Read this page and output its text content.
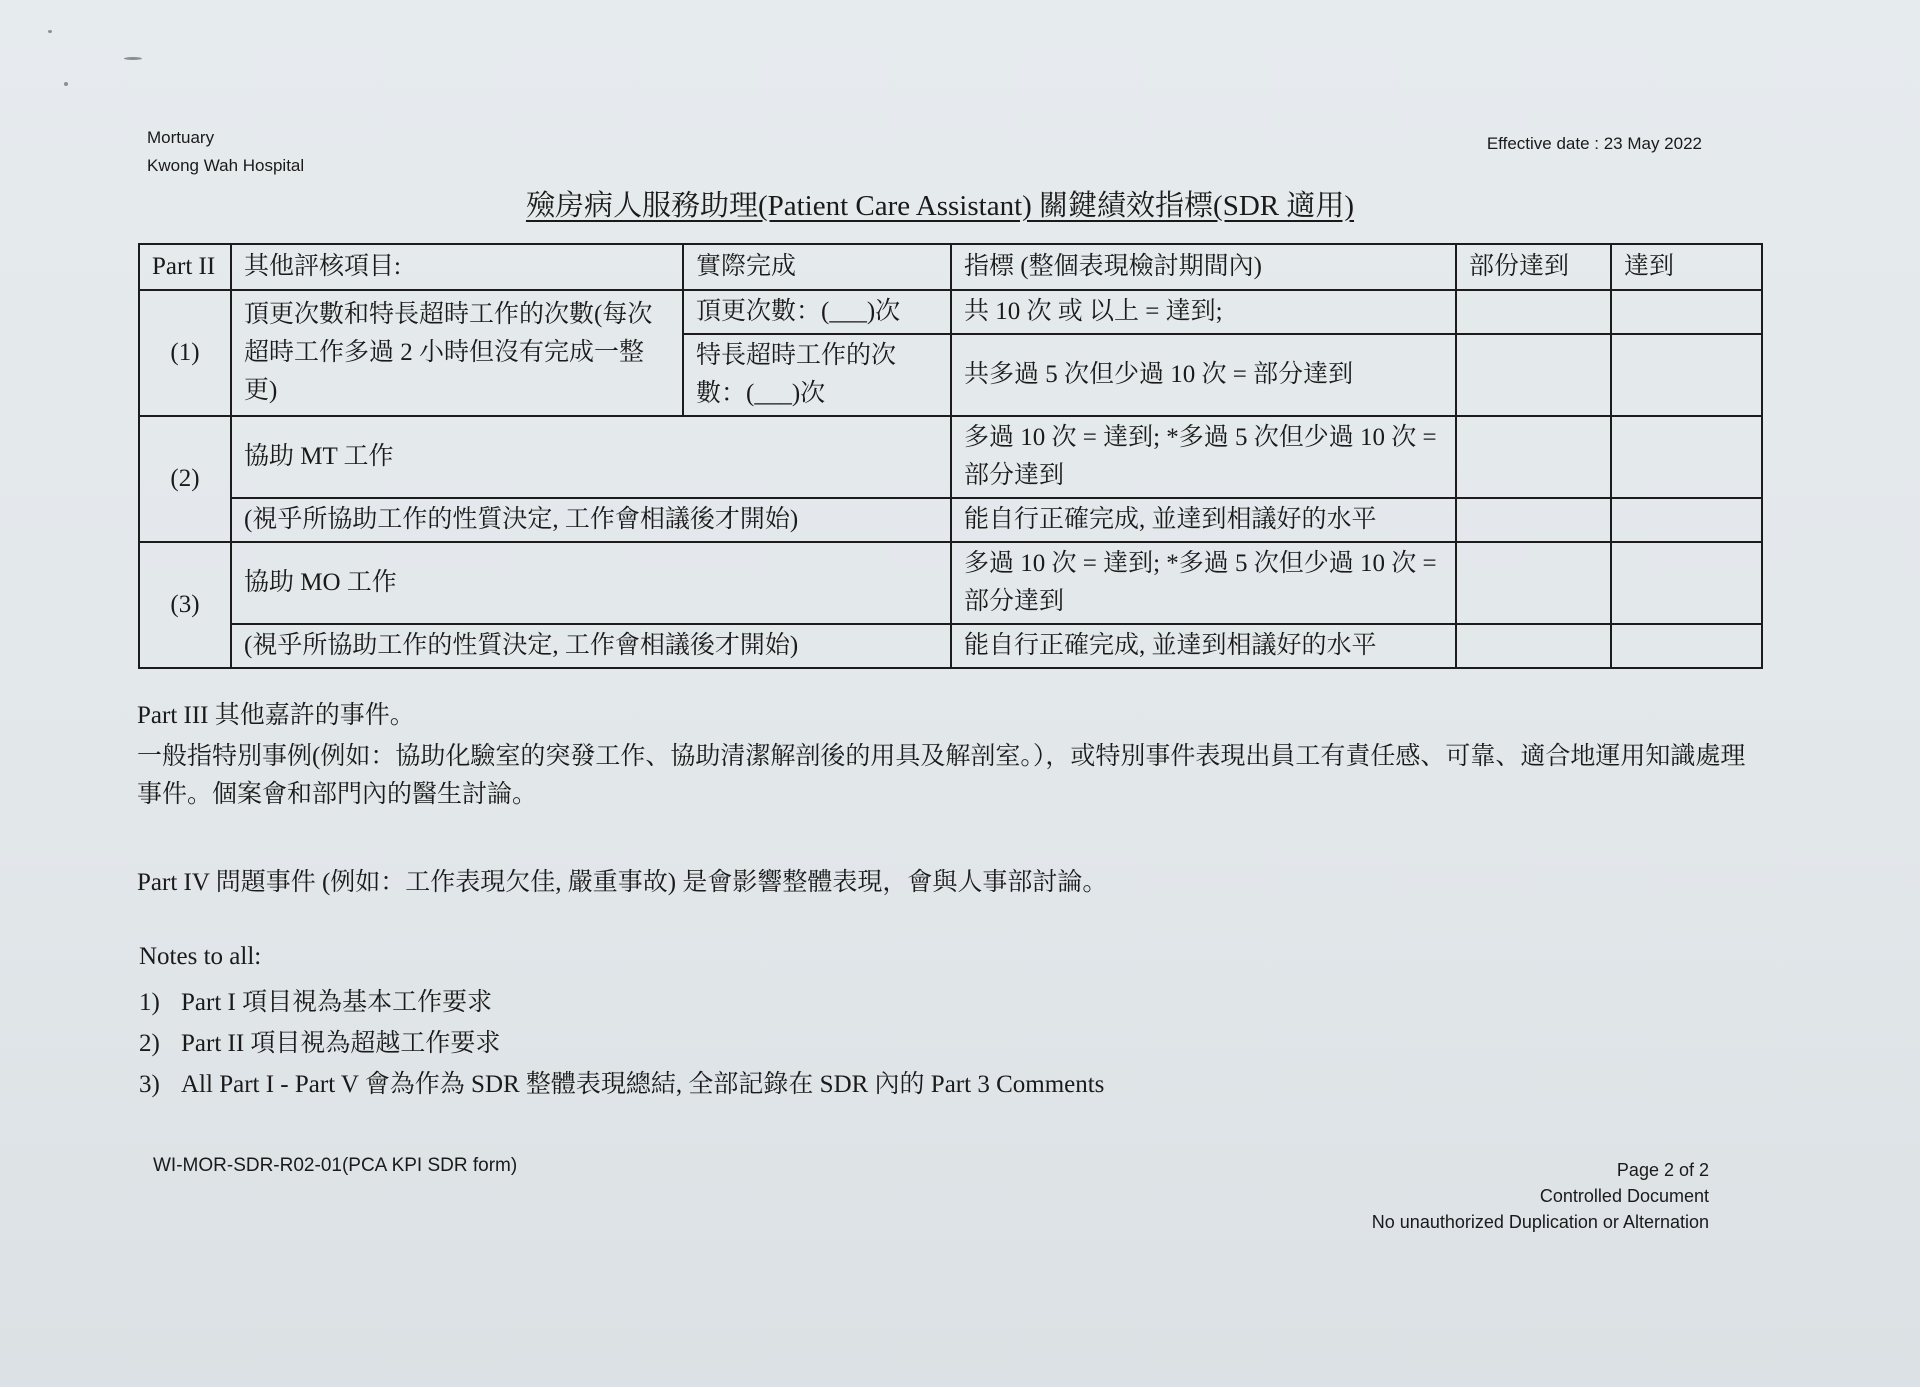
Mortuary
Kwong Wah Hospital
Effective date : 23 May 2022
殮房病人服務助理(Patient Care Assistant) 關鍵績效指標(SDR 適用)
Part II	其他評核項目:	實際完成	指標 (整個表現檢討期間內)	部份達到	達到
(1)	頂更次數和特長超時工作的次數(每次超時工作多過 2 小時但沒有完成一整更)	頂更次數：(___)次	共 10 次 或 以上 = 達到;		
		特長超時工作的次數：(___)次	共多過 5 次但少過 10 次 = 部分達到		
(2)	協助 MT 工作		多過 10 次 = 達到; *多過 5 次但少過 10 次 = 部分達到		
	(視乎所協助工作的性質決定, 工作會相議後才開始)		能自行正確完成, 並達到相議好的水平		
(3)	協助 MO 工作		多過 10 次 = 達到; *多過 5 次但少過 10 次 = 部分達到		
	(視乎所協助工作的性質決定, 工作會相議後才開始)		能自行正確完成, 並達到相議好的水平		
Part III 其他嘉許的事件。
一般指特別事例(例如：協助化驗室的突發工作、協助清潔解剖後的用具及解剖室。），或特別事件表現出員工有責任感、可靠、適合地運用知識處理事件。個案會和部門內的醫生討論。
Part IV 問題事件 (例如：工作表現欠佳, 嚴重事故) 是會影響整體表現，會與人事部討論。
Notes to all:
1) Part I 項目視為基本工作要求
2) Part II 項目視為超越工作要求
3) All Part I - Part V 會為作為 SDR 整體表現總結, 全部記錄在 SDR 內的 Part 3 Comments
WI-MOR-SDR-R02-01(PCA KPI SDR form)	Page 2 of 2
Controlled Document
No unauthorized Duplication or Alternation
